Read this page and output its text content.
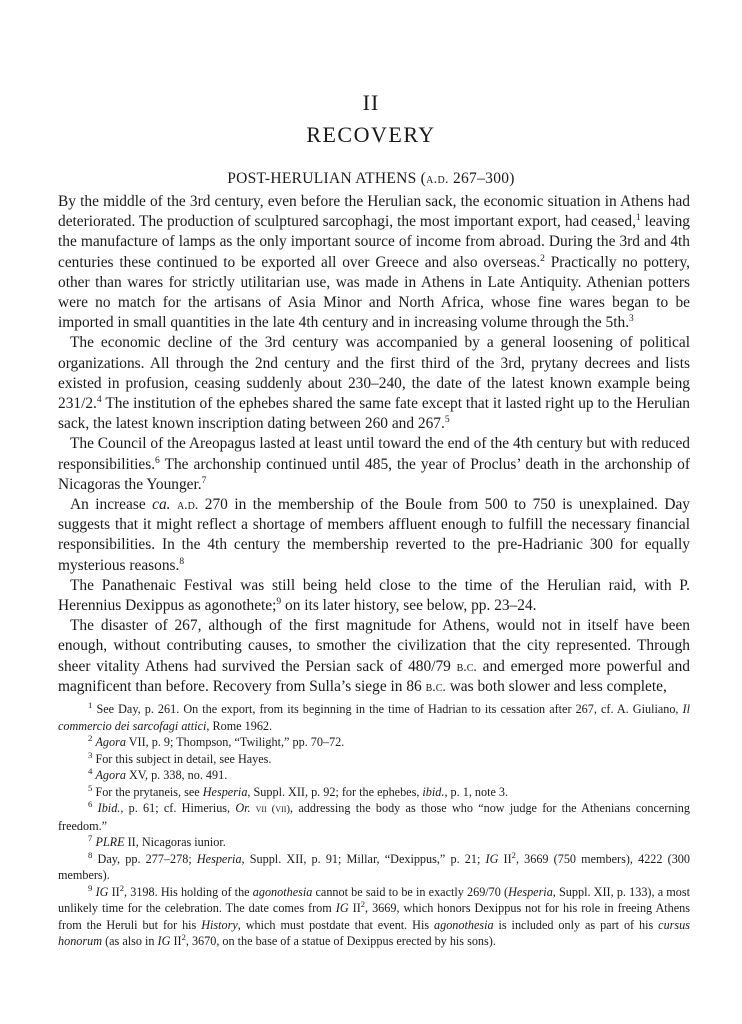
II
RECOVERY
POST-HERULIAN ATHENS (a.d. 267–300)

By the middle of the 3rd century, even before the Herulian sack, the economic situation in Athens had deteriorated. The production of sculptured sarcophagi, the most important export, had ceased,$^1$ leaving the manufacture of lamps as the only important source of income from abroad. During the 3rd and 4th centuries these continued to be exported all over Greece and also overseas.$^2$ Practically no pottery, other than wares for strictly utilitarian use, was made in Athens in Late Antiquity. Athenian potters were no match for the artisans of Asia Minor and North Africa, whose fine wares began to be imported in small quantities in the late 4th century and in increasing volume through the 5th.$^3$

The economic decline of the 3rd century was accompanied by a general loosening of political organizations. All through the 2nd century and the first third of the 3rd, prytany decrees and lists existed in profusion, ceasing suddenly about 230–240, the date of the latest known example being 231/2.$^4$ The institution of the ephebes shared the same fate except that it lasted right up to the Herulian sack, the latest known inscription dating between 260 and 267.$^5$

The Council of the Areopagus lasted at least until toward the end of the 4th century but with reduced responsibilities.$^6$ The archonship continued until 485, the year of Proclus’ death in the archonship of Nicagoras the Younger.$^7$

An increase ca. a.d. 270 in the membership of the Boule from 500 to 750 is unexplained. Day suggests that it might reflect a shortage of members affluent enough to fulfill the necessary financial responsibilities. In the 4th century the membership reverted to the pre-Hadrianic 300 for equally mysterious reasons.$^8$

The Panathenaic Festival was still being held close to the time of the Herulian raid, with P. Herennius Dexippus as agonothete;$^9$ on its later history, see below, pp. 23–24.

The disaster of 267, although of the first magnitude for Athens, would not in itself have been enough, without contributing causes, to smother the civilization that the city represented. Through sheer vitality Athens had survived the Persian sack of 480/79 b.c. and emerged more powerful and magnificent than before. Recovery from Sulla’s siege in 86 b.c. was both slower and less complete,

$^1$ See Day, p. 261. On the export, from its beginning in the time of Hadrian to its cessation after 267, cf. A. Giuliano, Il commercio dei sarcofagi attici, Rome 1962.

$^2$ Agora VII, p. 9; Thompson, “Twilight,” pp. 70–72.

$^3$ For this subject in detail, see Hayes.

$^4$ Agora XV, p. 338, no. 491.

$^5$ For the prytaneis, see Hesperia, Suppl. XII, p. 92; for the ephebes, ibid., p. 1, note 3.

$^6$ Ibid., p. 61; cf. Himerius, Or. vii (vii), addressing the body as those who “now judge for the Athenians concerning freedom.”

$^7$ PLRE II, Nicagoras iunior.

$^8$ Day, pp. 277–278; Hesperia, Suppl. XII, p. 91; Millar, “Dexippus,” p. 21; IG $II^2$, 3669 (750 members), 4222 (300 members).

$^9$ IG $II^2$, 3198. His holding of the agonothesia cannot be said to be in exactly 269/70 (Hesperia, Suppl. XII, p. 133), a most unlikely time for the celebration. The date comes from IG $II^2$, 3669, which honors Dexippus not for his role in freeing Athens from the Heruli but for his History, which must postdate that event. His agonothesia is included only as part of his cursus honorum (as also in IG $II^2$, 3670, on the base of a statue of Dexippus erected by his sons).
